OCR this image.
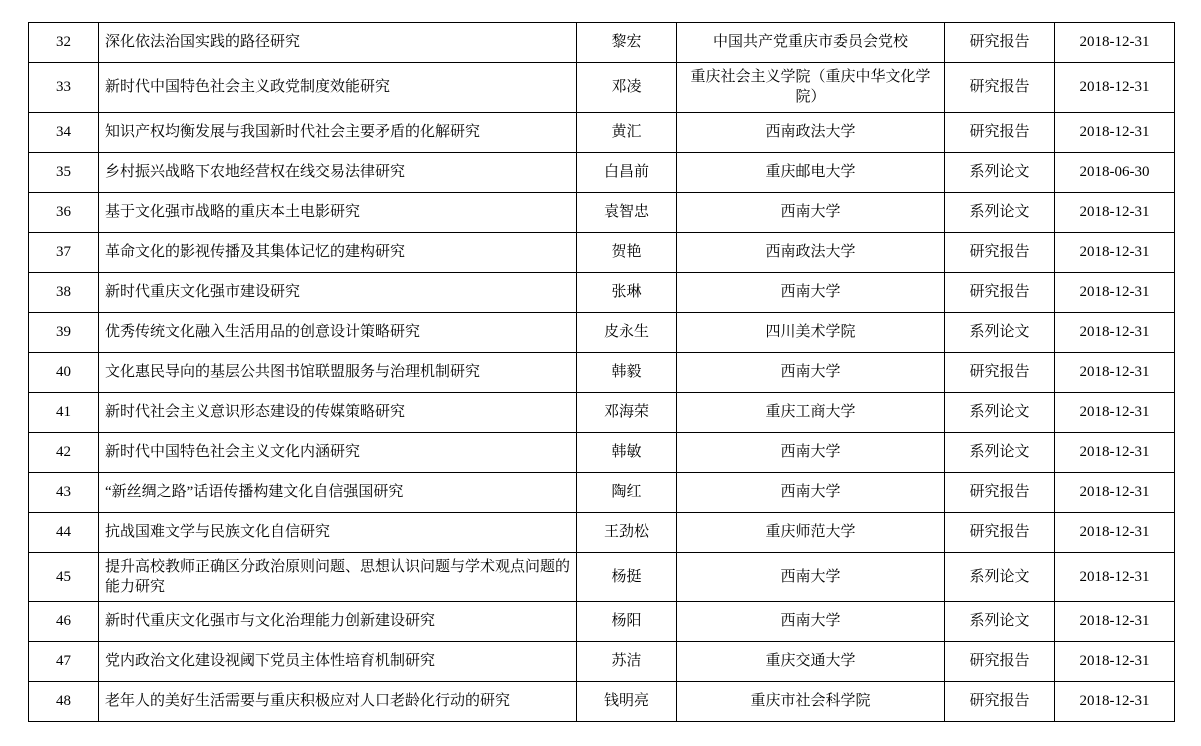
32	深化依法治国实践的路径研究	黎宏	中国共产党重庆市委员会党校	研究报告	2018-12-31
33	新时代中国特色社会主义政党制度效能研究	邓凌	重庆社会主义学院（重庆中华文化学院）	研究报告	2018-12-31
34	知识产权均衡发展与我国新时代社会主要矛盾的化解研究	黄汇	西南政法大学	研究报告	2018-12-31
35	乡村振兴战略下农地经营权在线交易法律研究	白昌前	重庆邮电大学	系列论文	2018-06-30
36	基于文化强市战略的重庆本土电影研究	袁智忠	西南大学	系列论文	2018-12-31
37	革命文化的影视传播及其集体记忆的建构研究	贺艳	西南政法大学	研究报告	2018-12-31
38	新时代重庆文化强市建设研究	张琳	西南大学	研究报告	2018-12-31
39	优秀传统文化融入生活用品的创意设计策略研究	皮永生	四川美术学院	系列论文	2018-12-31
40	文化惠民导向的基层公共图书馆联盟服务与治理机制研究	韩毅	西南大学	研究报告	2018-12-31
41	新时代社会主义意识形态建设的传媒策略研究	邓海荣	重庆工商大学	系列论文	2018-12-31
42	新时代中国特色社会主义文化内涵研究	韩敏	西南大学	系列论文	2018-12-31
43	“新丝绸之路”话语传播构建文化自信强国研究	陶红	西南大学	研究报告	2018-12-31
44	抗战国难文学与民族文化自信研究	王劲松	重庆师范大学	研究报告	2018-12-31
45	提升高校教师正确区分政治原则问题、思想认识问题与学术观点问题的能力研究	杨挺	西南大学	系列论文	2018-12-31
46	新时代重庆文化强市与文化治理能力创新建设研究	杨阳	西南大学	系列论文	2018-12-31
47	党内政治文化建设视阈下党员主体性培育机制研究	苏洁	重庆交通大学	研究报告	2018-12-31
48	老年人的美好生活需要与重庆积极应对人口老龄化行动的研究	钱明亮	重庆市社会科学院	研究报告	2018-12-31
